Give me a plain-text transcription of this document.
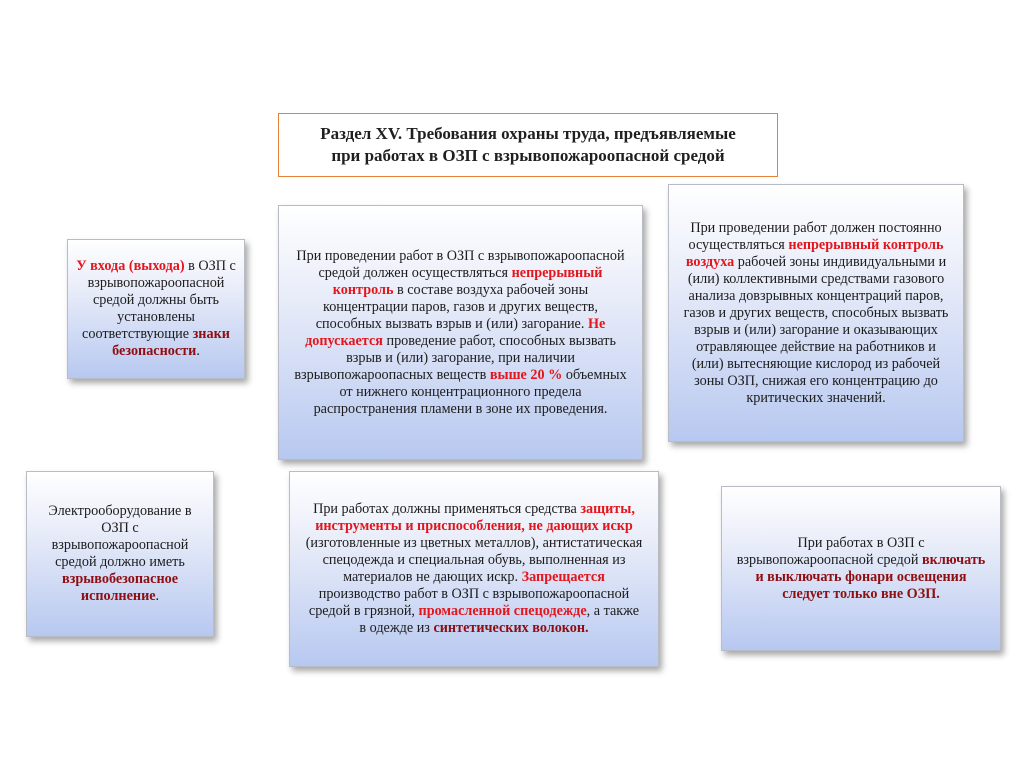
Раздел XV. Требования охраны труда, предъявляемые
при работах в ОЗП с взрывопожароопасной средой

У входа (выхода) в ОЗП с взрывопожароопасной средой должны быть установлены соответствующие знаки безопасности.

При проведении работ в ОЗП с взрывопожароопасной средой должен осуществляться непрерывный контроль в составе воздуха рабочей зоны концентрации паров, газов и других веществ, способных вызвать взрыв и (или) загорание. Не допускается проведение работ, способных вызвать взрыв и (или) загорание, при наличии взрывопожароопасных веществ выше 20 % объемных от нижнего концентрационного предела распространения пламени в зоне их проведения.

При проведении работ должен постоянно осуществляться непрерывный контроль воздуха рабочей зоны индивидуальными и (или) коллективными средствами газового анализа довзрывных концентраций паров, газов и других веществ, способных вызвать взрыв и (или) загорание и оказывающих отравляющее действие на работников и (или) вытесняющие кислород из рабочей зоны ОЗП, снижая его концентрацию до критических значений.

Электрооборудование в ОЗП с взрывопожароопасной средой должно иметь взрывобезопасное исполнение.

При работах должны применяться средства защиты, инструменты и приспособления, не дающих искр (изготовленные из цветных металлов), антистатическая спецодежда и специальная обувь, выполненная из материалов не дающих искр. Запрещается производство работ в ОЗП с взрывопожароопасной средой в грязной, промасленной спецодежде, а также в одежде из синтетических волокон.

При работах в ОЗП с взрывопожароопасной средой включать и выключать фонари освещения следует только вне ОЗП.
